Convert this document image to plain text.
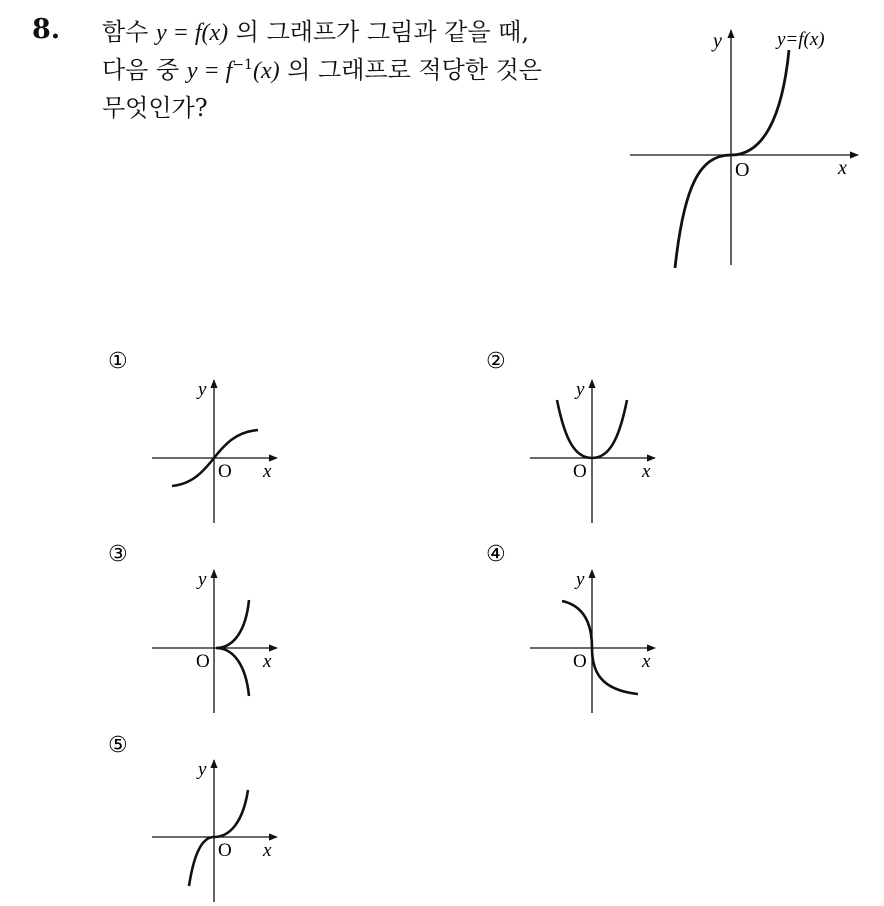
8. 함수 y = f(x) 의 그래프가 그림과 같을 때,
다음 중 $y = f^{-1}(x)$ 의 그래프로 적당한 것은
무엇인가?
y
x
O
y=f(x)
①
y
x
O
②
y
x
O
③
y
x
O
④
y
x
O
⑤
y
x
O
